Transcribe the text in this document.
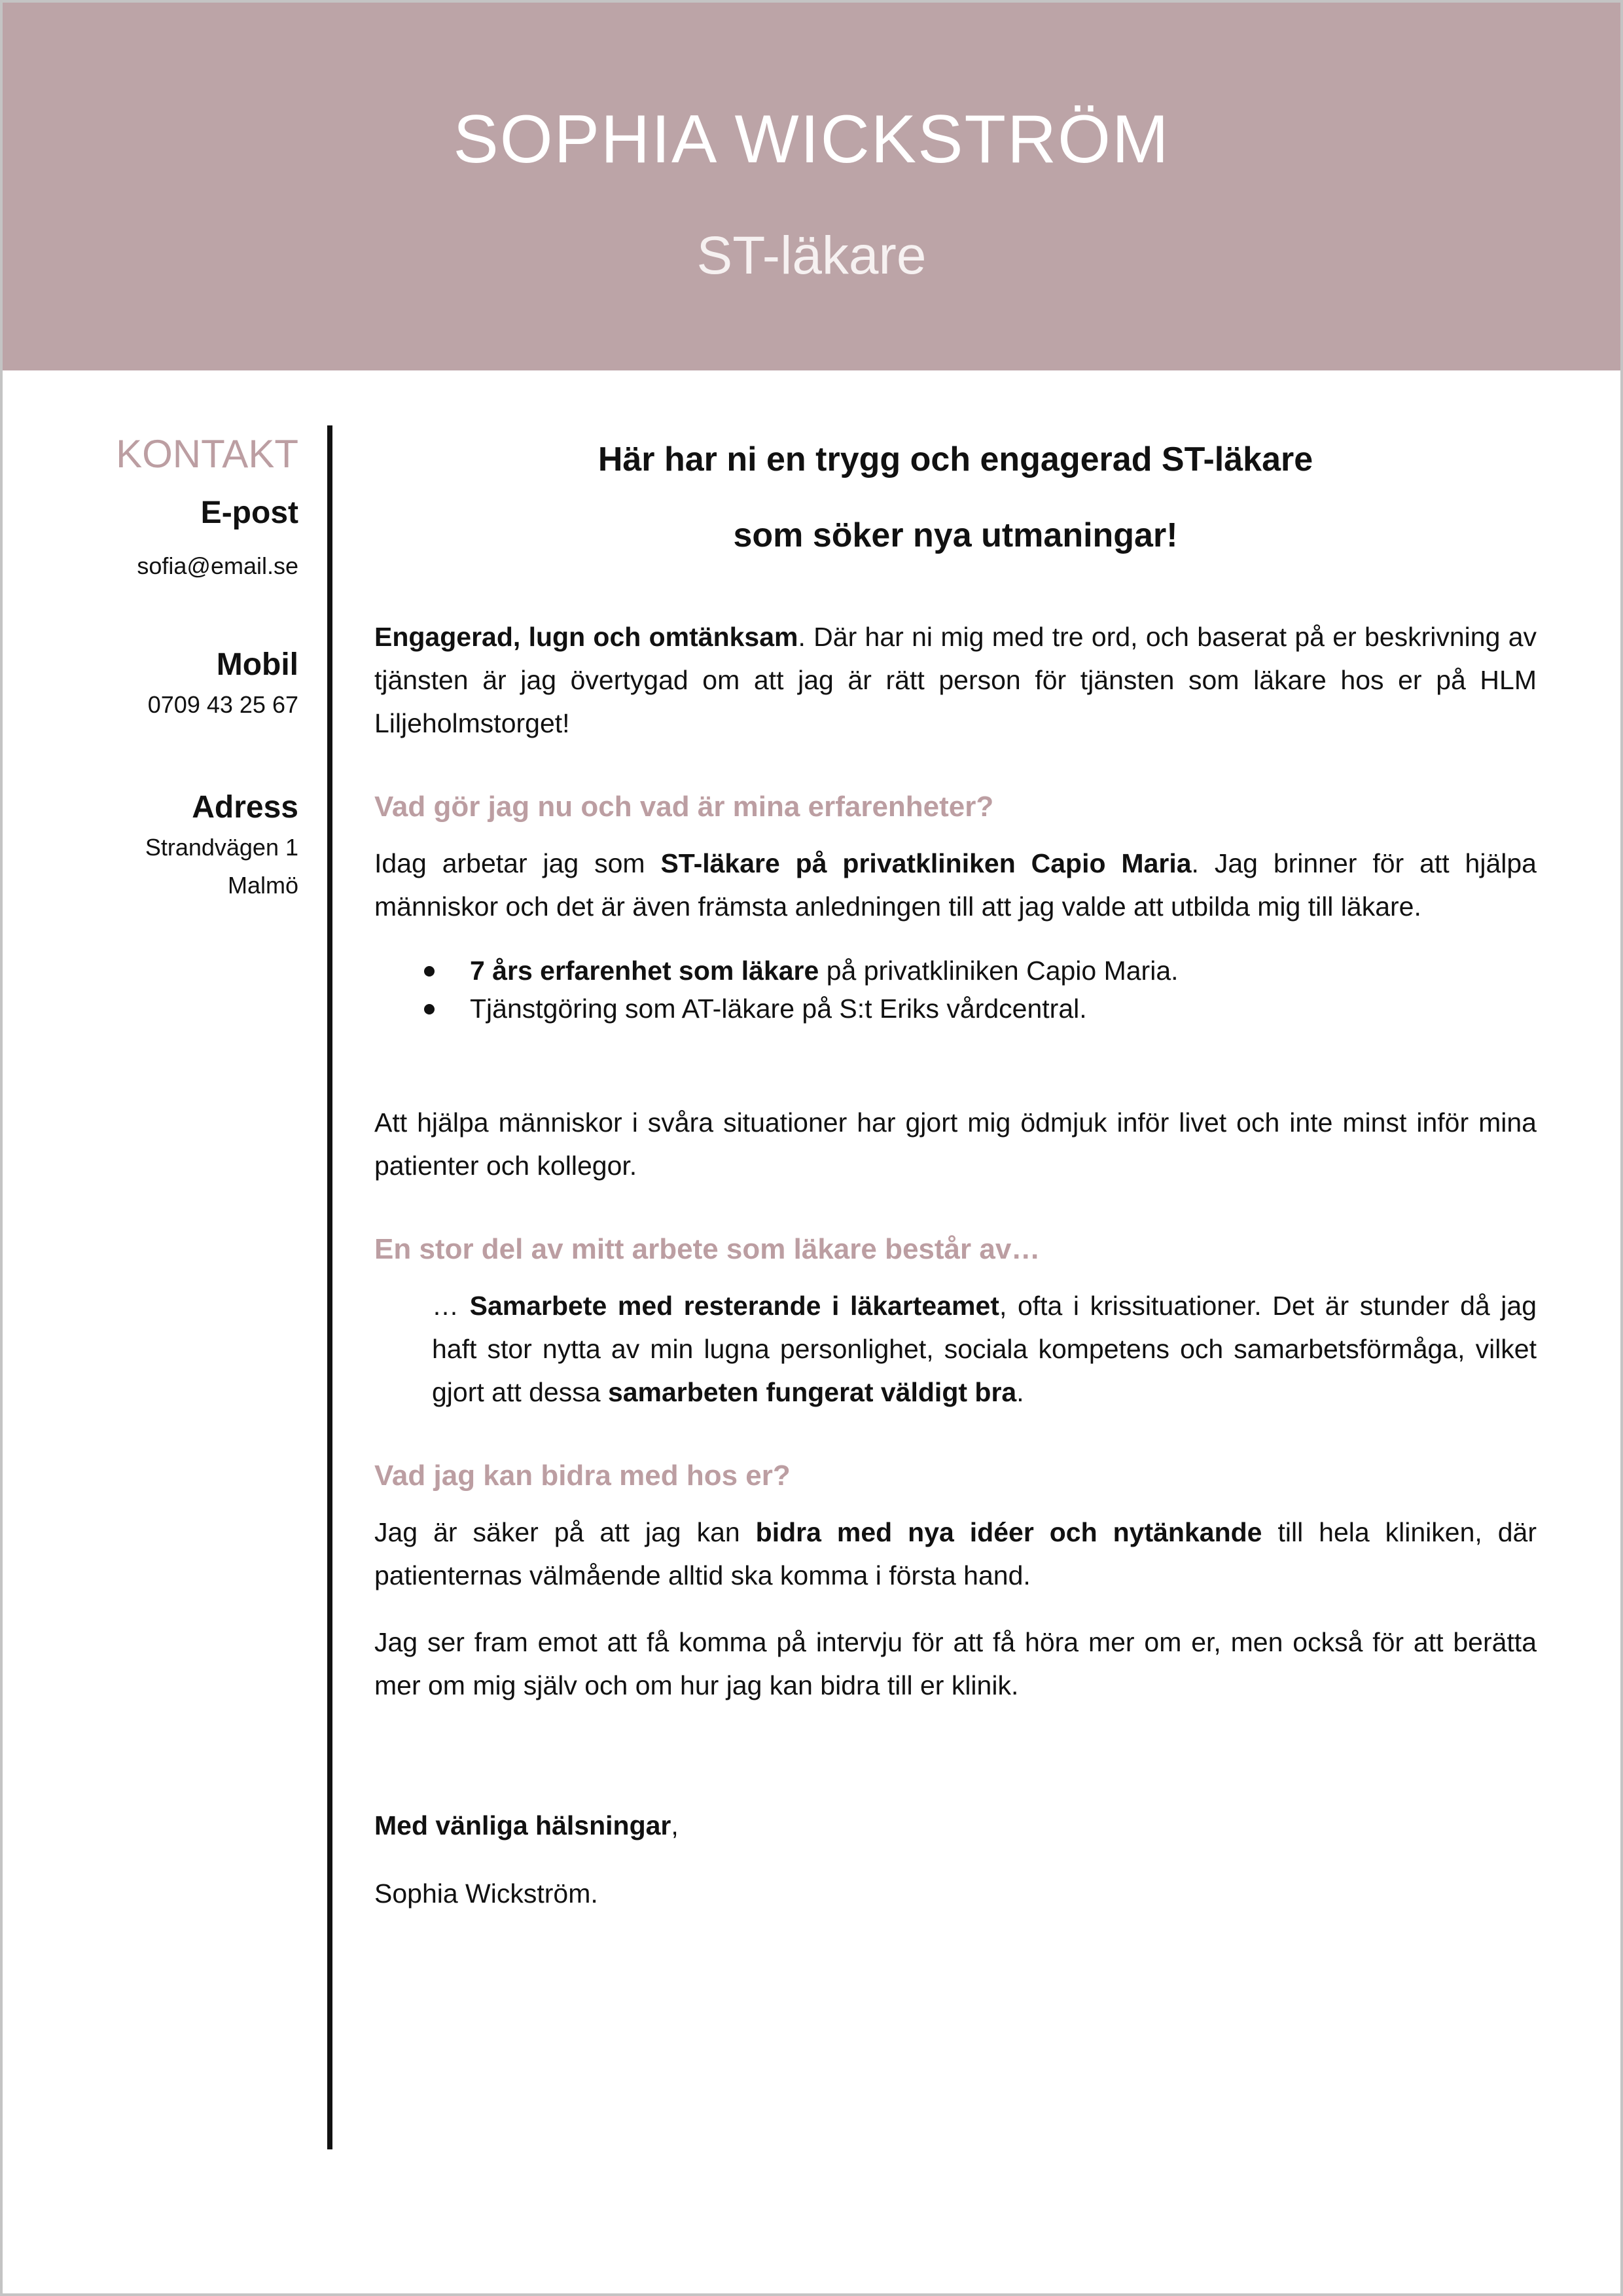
SOPHIA WICKSTRÖM
ST-läkare

KONTAKT

E-post

sofia@email.se

Mobil

0709 43 25 67

Adress

Strandvägen 1

Malmö

Här har ni en trygg och engagerad ST-läkare

som söker nya utmaningar!

Engagerad, lugn och omtänksam. Där har ni mig med tre ord, och baserat på er beskrivning av tjänsten är jag övertygad om att jag är rätt person för tjänsten som läkare hos er på HLM Liljeholmstorget!

Vad gör jag nu och vad är mina erfarenheter?

Idag arbetar jag som ST-läkare på privatkliniken Capio Maria. Jag brinner för att hjälpa människor och det är även främsta anledningen till att jag valde att utbilda mig till läkare.

7 års erfarenhet som läkare på privatkliniken Capio Maria.
Tjänstgöring som AT-läkare på S:t Eriks vårdcentral.

Att hjälpa människor i svåra situationer har gjort mig ödmjuk inför livet och inte minst inför mina patienter och kollegor.

En stor del av mitt arbete som läkare består av…

… Samarbete med resterande i läkarteamet, ofta i krissituationer. Det är stunder då jag haft stor nytta av min lugna personlighet, sociala kompetens och samarbetsförmåga, vilket gjort att dessa samarbeten fungerat väldigt bra.

Vad jag kan bidra med hos er?

Jag är säker på att jag kan bidra med nya idéer och nytänkande till hela kliniken, där patienternas välmående alltid ska komma i första hand.

Jag ser fram emot att få komma på intervju för att få höra mer om er, men också för att berätta mer om mig själv och om hur jag kan bidra till er klinik.

Med vänliga hälsningar,

Sophia Wickström.
